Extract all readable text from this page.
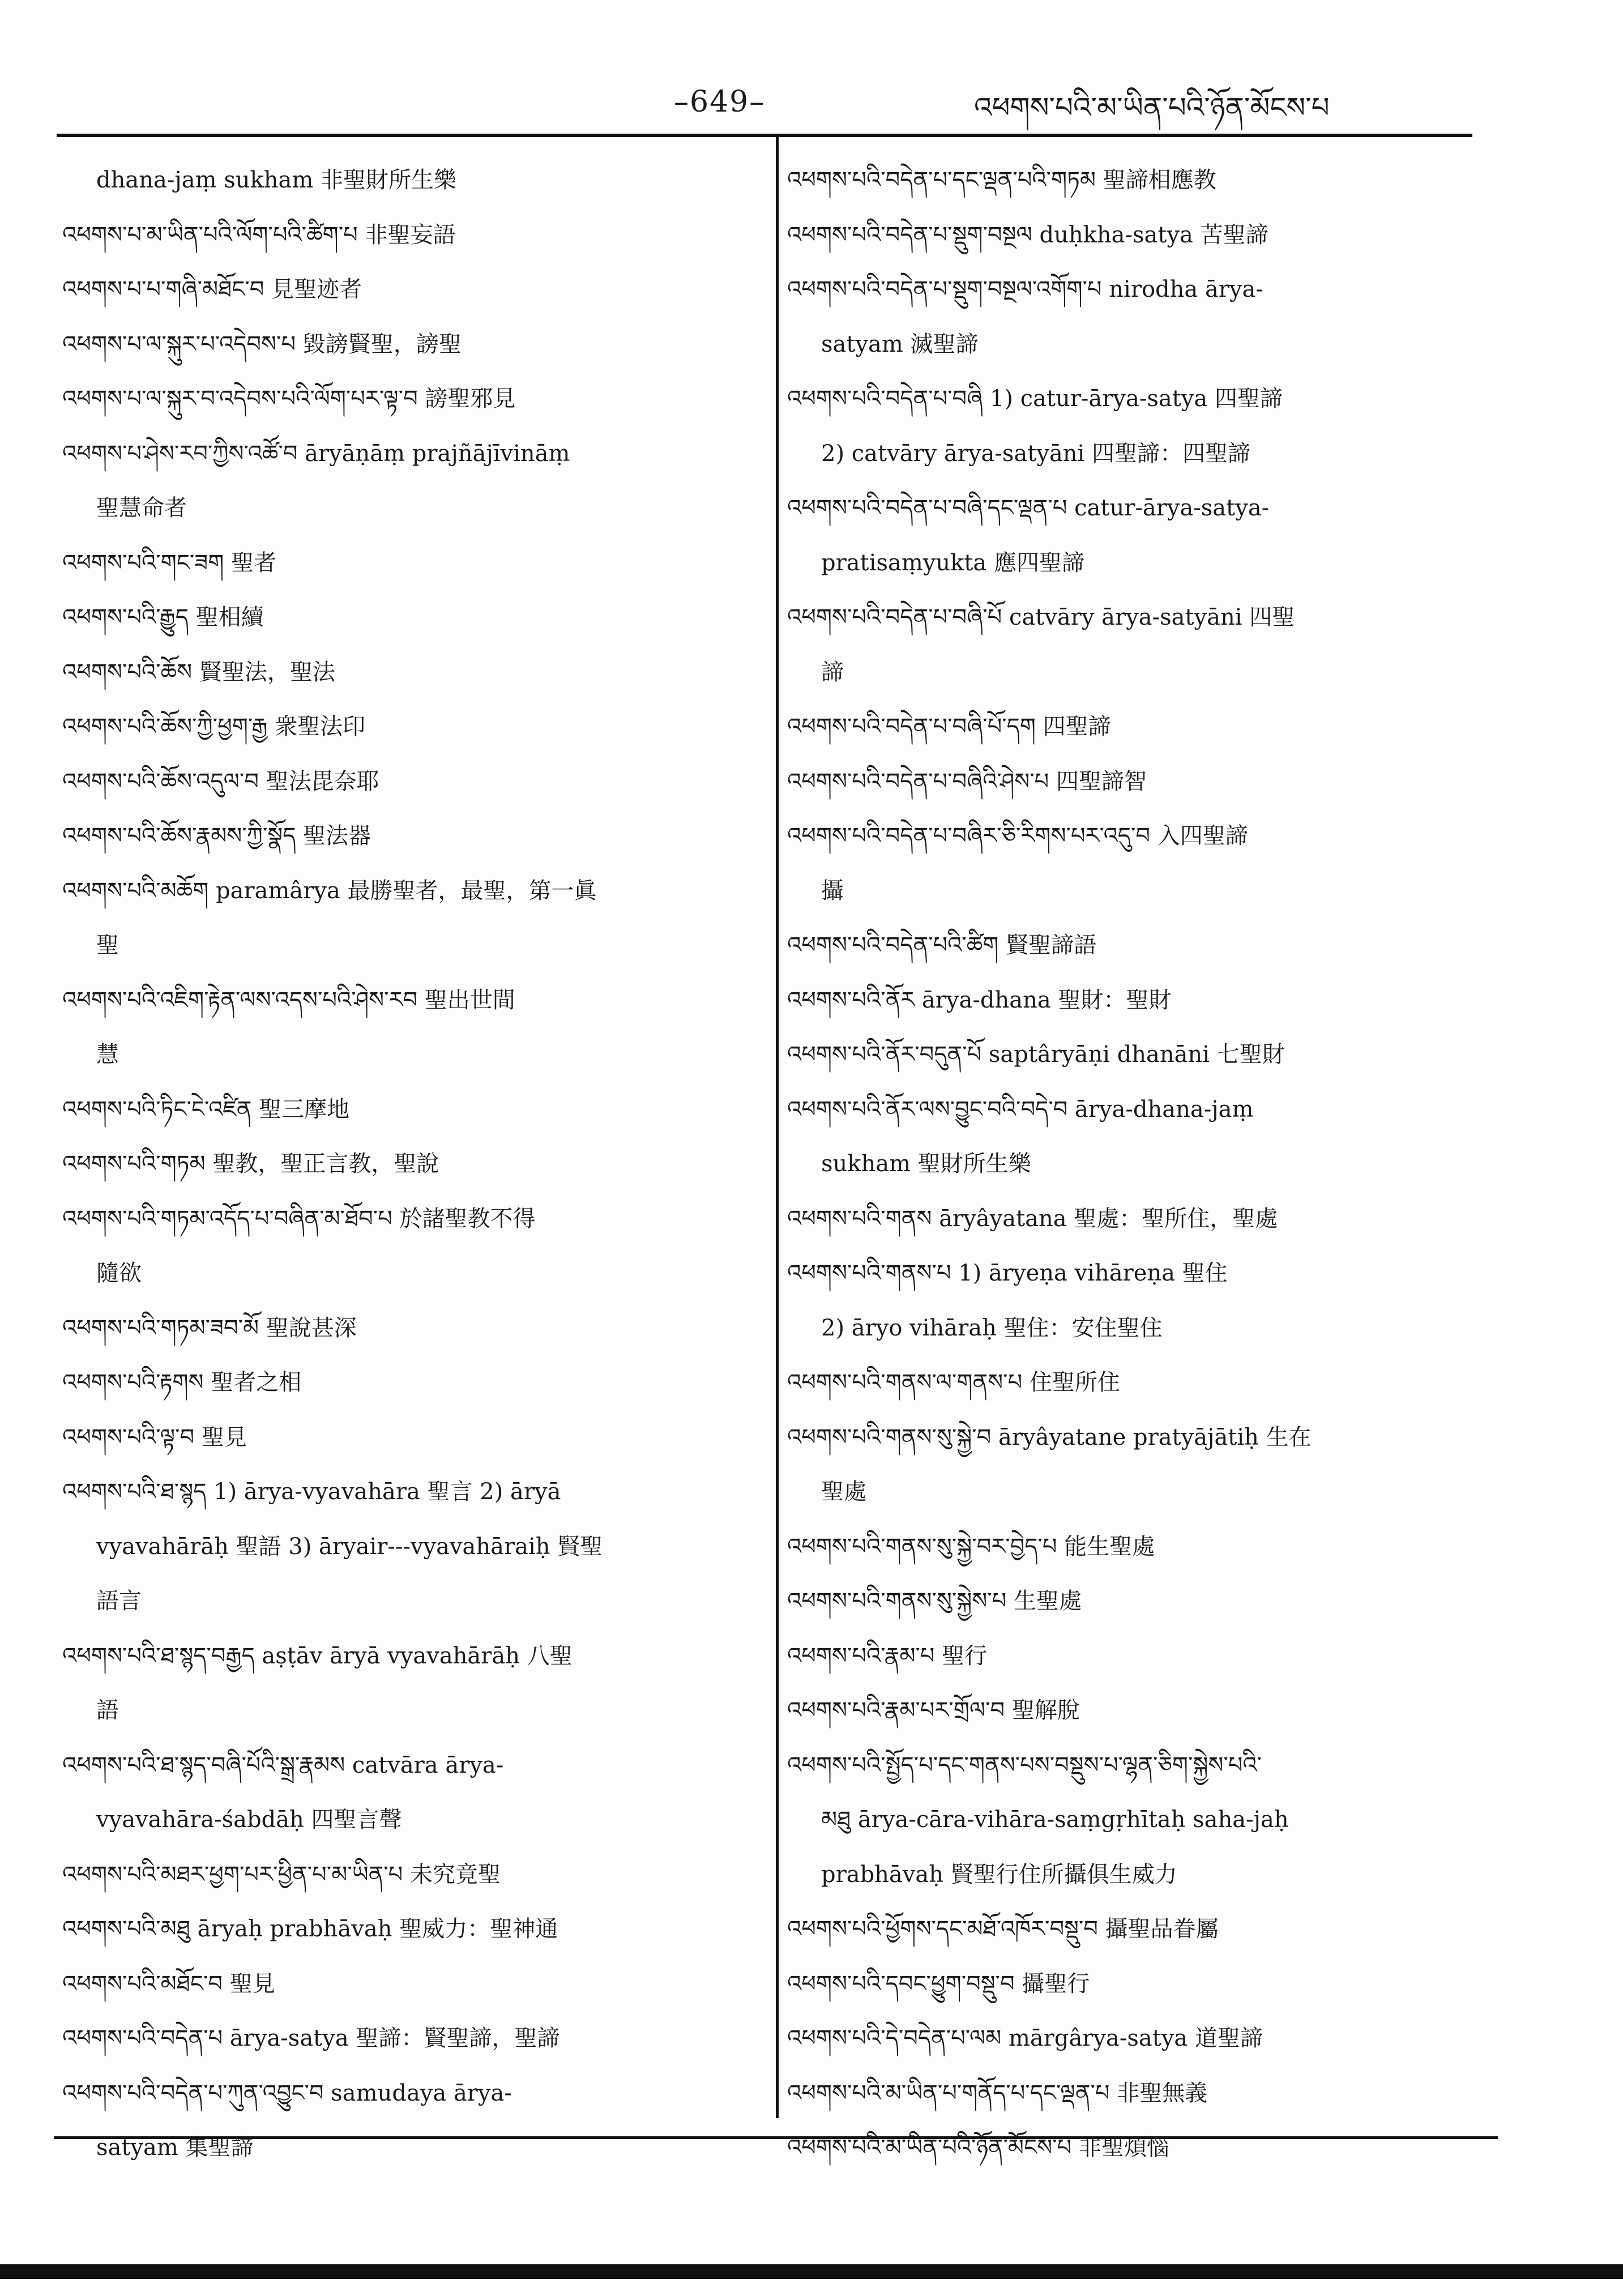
–649–	འཕགས་པའི་མ་ཡིན་པའི་ཉོན་མོངས་པ
dhana-jaṃ sukham 非聖財所生樂
འཕགས་པ་མ་ཡིན་པའི་ལོག་པའི་ཚིག་པ 非聖妄語
འཕགས་པ་པ་གཞི་མཐོང་བ 見聖迹者
འཕགས་པ་ལ་སྐུར་པ་འདེབས་པ 毀謗賢聖，謗聖
འཕགས་པ་ལ་སྐུར་བ་འདེབས་པའི་ལོག་པར་ལྟ་བ 謗聖邪見
འཕགས་པ་ཤེས་རབ་ཀྱིས་འཚོ་བ āryāṇāṃ prajñājīvināṃ
聖慧命者
འཕགས་པའི་གང་ཟག 聖者
འཕགས་པའི་རྒྱུད 聖相續
འཕགས་པའི་ཆོས 賢聖法，聖法
འཕགས་པའི་ཆོས་ཀྱི་ཕྱག་རྒྱ 衆聖法印
འཕགས་པའི་ཆོས་འདུལ་བ 聖法毘奈耶
འཕགས་པའི་ཆོས་རྣམས་ཀྱི་སྣོད 聖法器
འཕགས་པའི་མཆོག paramârya 最勝聖者，最聖，第一眞
聖
འཕགས་པའི་འཇིག་རྟེན་ལས་འདས་པའི་ཤེས་རབ 聖出世間
慧
འཕགས་པའི་ཏིང་ངེ་འཛིན 聖三摩地
འཕགས་པའི་གཏམ 聖教，聖正言教，聖說
འཕགས་པའི་གཏམ་འདོད་པ་བཞིན་མ་ཐོབ་པ 於諸聖教不得
隨欲
འཕགས་པའི་གཏམ་ཟབ་མོ 聖說甚深
འཕགས་པའི་རྟགས 聖者之相
འཕགས་པའི་ལྟ་བ 聖見
འཕགས་པའི་ཐ་སྙད 1) ārya-vyavahāra 聖言 2) āryā
vyavahārāḥ 聖語 3) āryair---vyavahāraiḥ 賢聖
語言
འཕགས་པའི་ཐ་སྙད་བརྒྱད aṣṭāv āryā vyavahārāḥ 八聖
語
འཕགས་པའི་ཐ་སྙད་བཞི་པོའི་སྒྲ་རྣམས catvāra ārya-
vyavahāra-śabdāḥ 四聖言聲
འཕགས་པའི་མཐར་ཕྱག་པར་ཕྱིན་པ་མ་ཡིན་པ 未究竟聖
འཕགས་པའི་མཐུ āryaḥ prabhāvaḥ 聖威力：聖神通
འཕགས་པའི་མཐོང་བ 聖見
འཕགས་པའི་བདེན་པ ārya-satya 聖諦：賢聖諦，聖諦
འཕགས་པའི་བདེན་པ་ཀུན་འབྱུང་བ samudaya ārya-
satyam 集聖諦
འཕགས་པའི་བདེན་པ་དང་ལྡན་པའི་གཏམ 聖諦相應教
འཕགས་པའི་བདེན་པ་སྡུག་བསྔལ duḥkha-satya 苦聖諦
འཕགས་པའི་བདེན་པ་སྡུག་བསྔལ་འགོག་པ nirodha ārya-
satyam 滅聖諦
འཕགས་པའི་བདེན་པ་བཞི 1) catur-ārya-satya 四聖諦
2) catvāry ārya-satyāni 四聖諦：四聖諦
འཕགས་པའི་བདེན་པ་བཞི་དང་ལྡན་པ catur-ārya-satya-
pratisaṃyukta 應四聖諦
འཕགས་པའི་བདེན་པ་བཞི་པོ catvāry ārya-satyāni 四聖
諦
འཕགས་པའི་བདེན་པ་བཞི་པོ་དག 四聖諦
འཕགས་པའི་བདེན་པ་བཞིའི་ཤེས་པ 四聖諦智
འཕགས་པའི་བདེན་པ་བཞིར་ཅི་རིགས་པར་འདུ་བ 入四聖諦
攝
འཕགས་པའི་བདེན་པའི་ཚིག 賢聖諦語
འཕགས་པའི་ནོར ārya-dhana 聖財：聖財
འཕགས་པའི་ནོར་བདུན་པོ saptâryāṇi dhanāni 七聖財
འཕགས་པའི་ནོར་ལས་བྱུང་བའི་བདེ་བ ārya-dhana-jaṃ
sukham 聖財所生樂
འཕགས་པའི་གནས āryâyatana 聖處：聖所住，聖處
འཕགས་པའི་གནས་པ 1) āryeṇa vihāreṇa 聖住
2) āryo vihāraḥ 聖住：安住聖住
འཕགས་པའི་གནས་ལ་གནས་པ 住聖所住
འཕགས་པའི་གནས་སུ་སྐྱེ་བ āryâyatane pratyājātiḥ 生在
聖處
འཕགས་པའི་གནས་སུ་སྐྱེ་བར་བྱེད་པ 能生聖處
འཕགས་པའི་གནས་སུ་སྐྱེས་པ 生聖處
འཕགས་པའི་རྣམ་པ 聖行
འཕགས་པའི་རྣམ་པར་གྲོལ་བ 聖解脫
འཕགས་པའི་སྤྱོད་པ་དང་གནས་པས་བསྡུས་པ་ལྷན་ཅིག་སྐྱེས་པའི་
མཐུ ārya-cāra-vihāra-saṃgṛhītaḥ saha-jaḥ
prabhāvaḥ 賢聖行住所攝俱生威力
འཕགས་པའི་ཕྱོགས་དང་མཐོ་འཁོར་བསྡུ་བ 攝聖品眷屬
འཕགས་པའི་དབང་ཕྱུག་བསྡུ་བ 攝聖行
འཕགས་པའི་དེ་བདེན་པ་ལམ mārgârya-satya 道聖諦
འཕགས་པའི་མ་ཡིན་པ་གནོད་པ་དང་ལྡན་པ 非聖無義
འཕགས་པའི་མ་ཡིན་པའི་ཉོན་མོངས་པ 非聖煩惱
